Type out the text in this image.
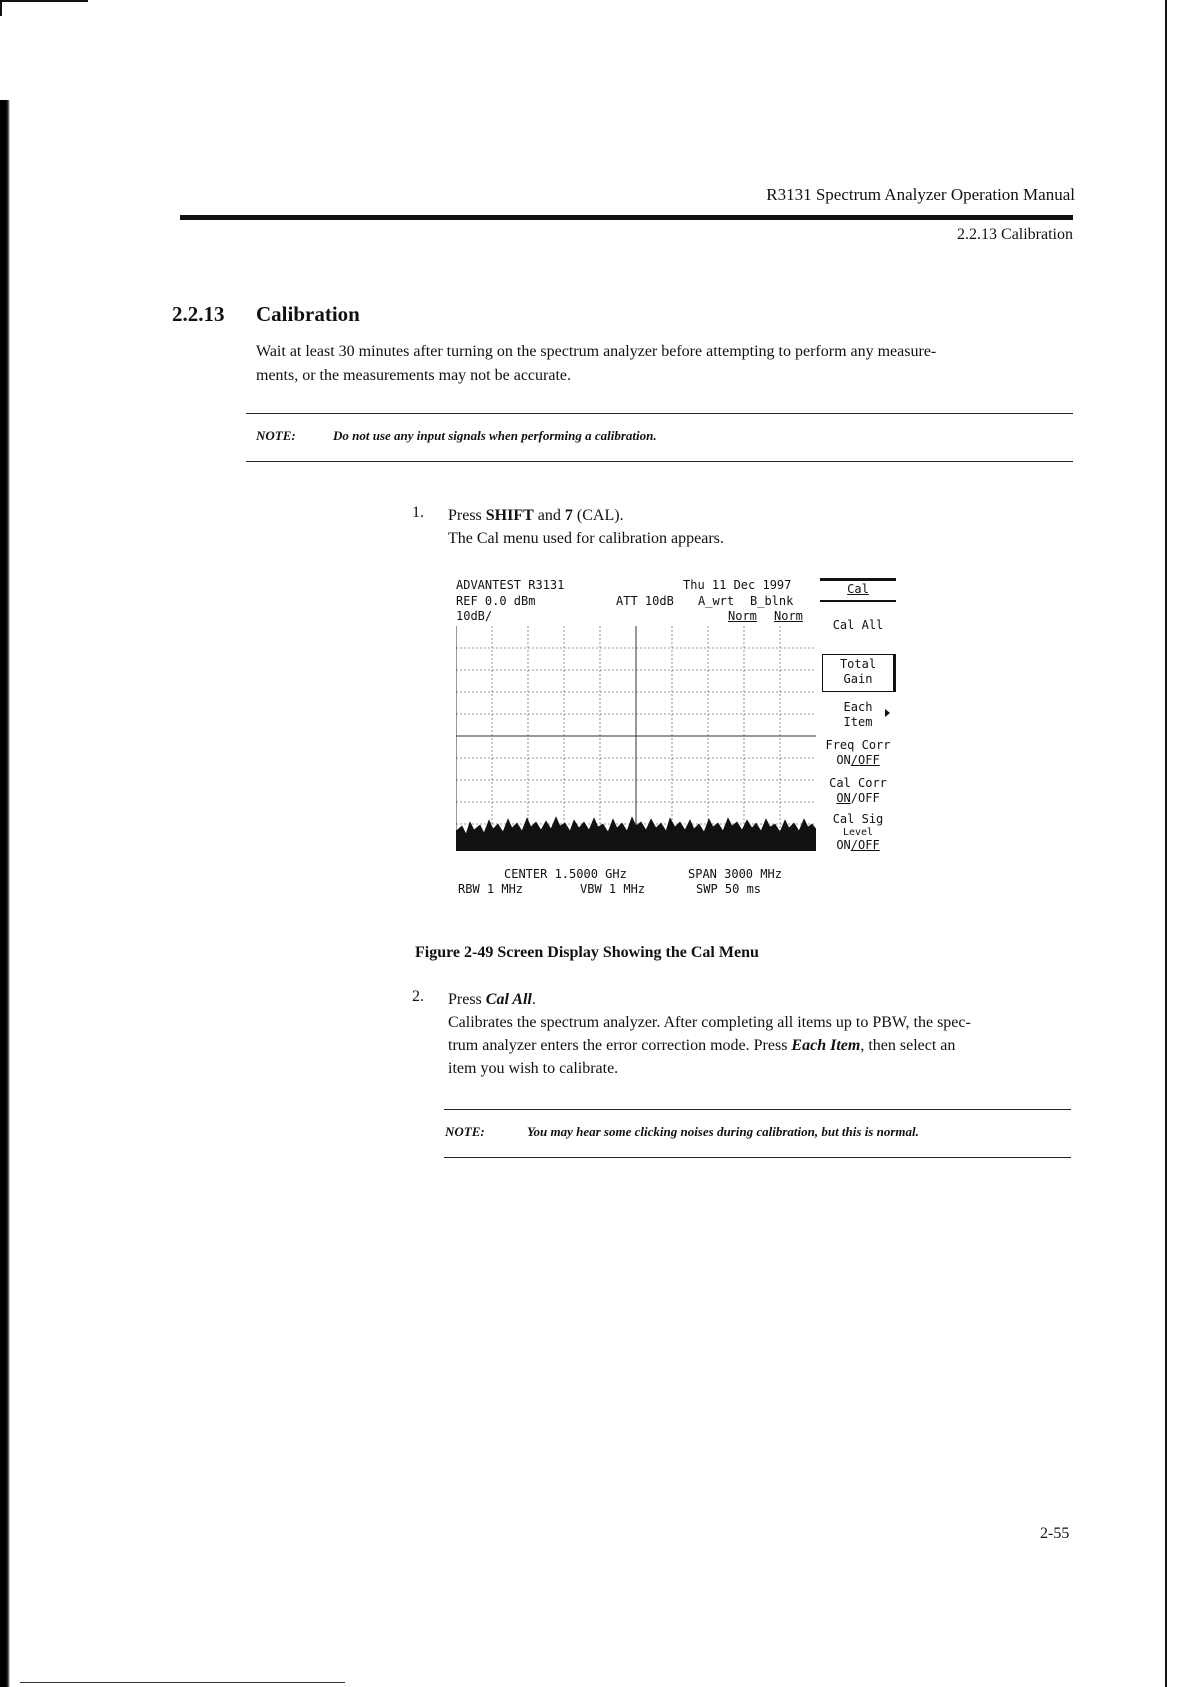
R3131 Spectrum Analyzer Operation Manual
2.2.13 Calibration
2.2.13 Calibration
Wait at least 30 minutes after turning on the spectrum analyzer before attempting to perform any measure-
ments, or the measurements may not be accurate.
NOTE:	Do not use any input signals when performing a calibration.
1. Press SHIFT and 7 (CAL).
The Cal menu used for calibration appears.
ADVANTEST R3131	Thu 11 Dec 1997
REF 0.0 dBm	ATT 10dB A_wrt B_blnk
10dB/	Norm Norm
Cal
Cal All
Total
Gain
Each
Item
Freq Corr
ON/OFF
Cal Corr
ON/OFF
Cal Sig
Level
ON/OFF
CENTER 1.5000 GHz	SPAN 3000 MHz
RBW 1 MHz	VBW 1 MHz	SWP 50 ms
Figure 2-49 Screen Display Showing the Cal Menu
2. Press Cal All.
Calibrates the spectrum analyzer. After completing all items up to PBW, the spec-
trum analyzer enters the error correction mode. Press Each Item, then select an
item you wish to calibrate.
NOTE:	You may hear some clicking noises during calibration, but this is normal.
2-55
